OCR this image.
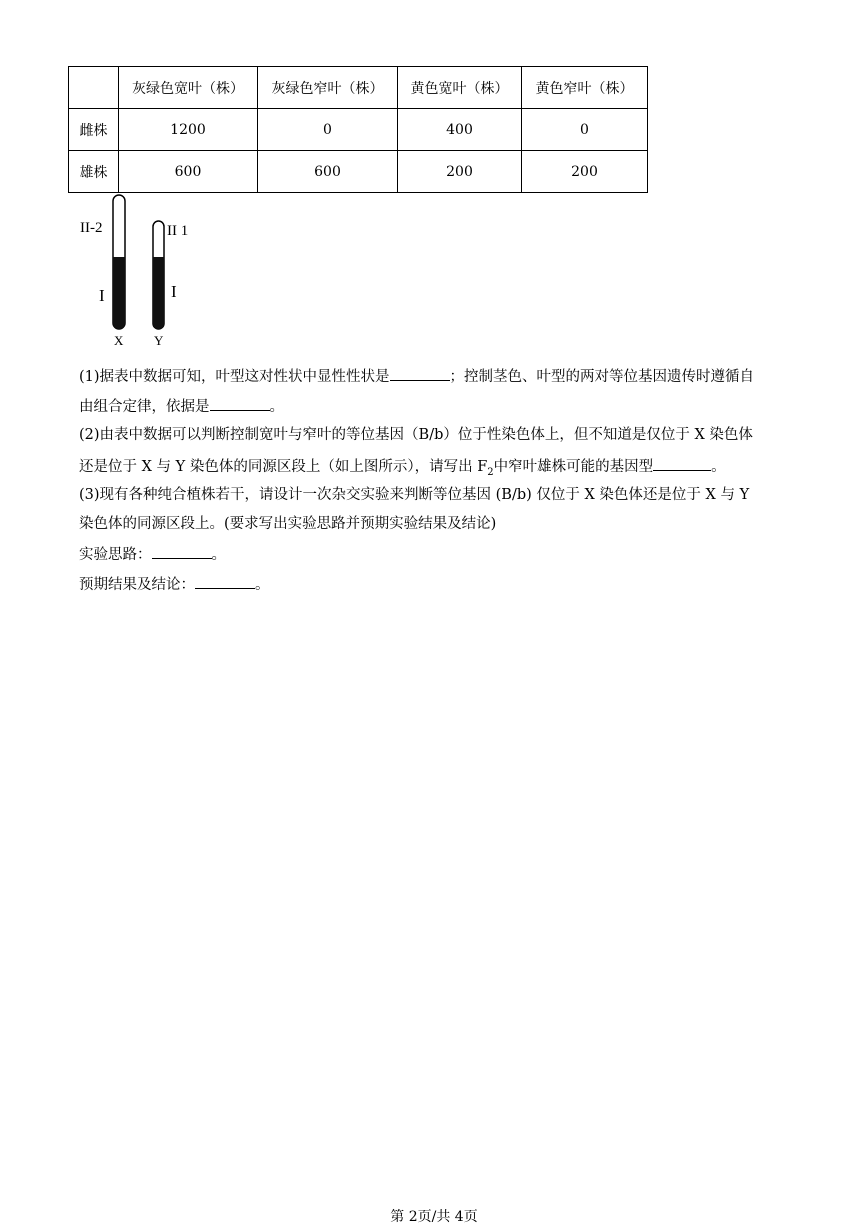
	灰绿色宽叶（株）	灰绿色窄叶（株）	黄色宽叶（株）	黄色窄叶（株）
雌株	1200	0	400	0
雄株	600	600	200	200
II-2	II 1
I	I
X Y
(1)据表中数据可知，叶型这对性状中显性性状是	；控制茎色、叶型的两对等位基因遗传时遵循自
由组合定律，依据是	。
(2)由表中数据可以判断控制宽叶与窄叶的等位基因（B/b）位于性染色体上，但不知道是仅位于 X 染色体
还是位于 X 与 Y 染色体的同源区段上（如上图所示），请写出 $F_2$中窄叶雄株可能的基因型	。
(3)现有各种纯合植株若干，请设计一次杂交实验来判断等位基因 (B/b) 仅位于 X 染色体还是位于 X 与 Y
染色体的同源区段上。(要求写出实验思路并预期实验结果及结论)
实验思路：	。
预期结果及结论：	。
第 2页/共 4页
